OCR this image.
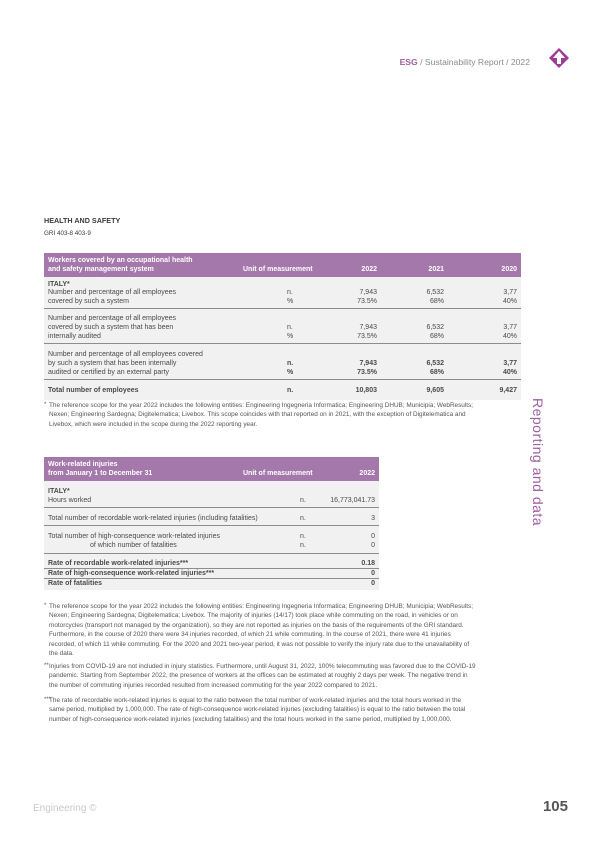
ESG / Sustainability Report / 2022
Reporting and data
HEALTH AND SAFETY
GRI 403-8 403-9
Workers covered by an occupational health
and safety management system	Unit of measurement	2022	2021	2020
ITALY*
Number and percentage of all employees
covered by such a system
n.	7,943	6,532	3,77
%	73.5%	68%	40%
Number and percentage of all employees
covered by such a system that has been
internally audited
n.	7,943	6,532	3,77
%	73.5%	68%	40%
Number and percentage of all employees covered
by such a system that has been internally
audited or certified by an external party
n.	7,943	6,532	3,77
%	73.5%	68%	40%
Total number of employees	n.	10,803	9,605	9,427
* The reference scope for the year 2022 includes the following entities: Engineering Ingegneria Informatica; Engineering DHUB; Municipia; WebResults;
Nexen; Engineering Sardegna; Digitelematica; Livebox. This scope coincides with that reported on in 2021, with the exception of Digitelematica and
Livebox, which were included in the scope during the 2022 reporting year.
Work-related injuries
from January 1 to December 31	Unit of measurement	2022
ITALY*
Hours worked	n.	16,773,041.73
Total number of recordable work-related injuries (including fatalities)	n.	3
Total number of high-consequence work-related injuries	n.	0
of which number of fatalities	n.	0
Rate of recordable work-related injuries***	0.18
Rate of high-consequence work-related injuries***	0
Rate of fatalities	0
* The reference scope for the year 2022 includes the following entities: Engineering Ingegneria Informatica; Engineering DHUB; Municipia; WebResults;
Nexen; Engineering Sardegna; Digitelematica; Livebox. The majority of injuries (14/17) took place while commuting on the road, in vehicles or on
motorcycles (transport not managed by the organization), so they are not reported as injuries on the basis of the requirements of the GRI standard.
Furthermore, in the course of 2020 there were 34 injuries recorded, of which 21 while commuting. In the course of 2021, there were 41 injuries
recorded, of which 11 while commuting. For the 2020 and 2021 two-year period, it was not possible to verify the injury rate due to the unavailability of
the data.
** Injuries from COVID-19 are not included in injury statistics. Furthermore, until August 31, 2022, 100% telecommuting was favored due to the COVID-19
pandemic. Starting from September 2022, the presence of workers at the offices can be estimated at roughly 2 days per week. The negative trend in
the number of commuting injuries recorded resulted from increased commuting for the year 2022 compared to 2021.
***
The rate of recordable work-related injuries is equal to the ratio between the total number of work-related injuries and the total hours worked in the
same period, multiplied by 1,000,000. The rate of high-consequence work-related injuries (excluding fatalities) is equal to the ratio between the total
number of high-consequence work-related injuries (excluding fatalities) and the total hours worked in the same period, multiplied by 1,000,000.
Engineering ©	105
